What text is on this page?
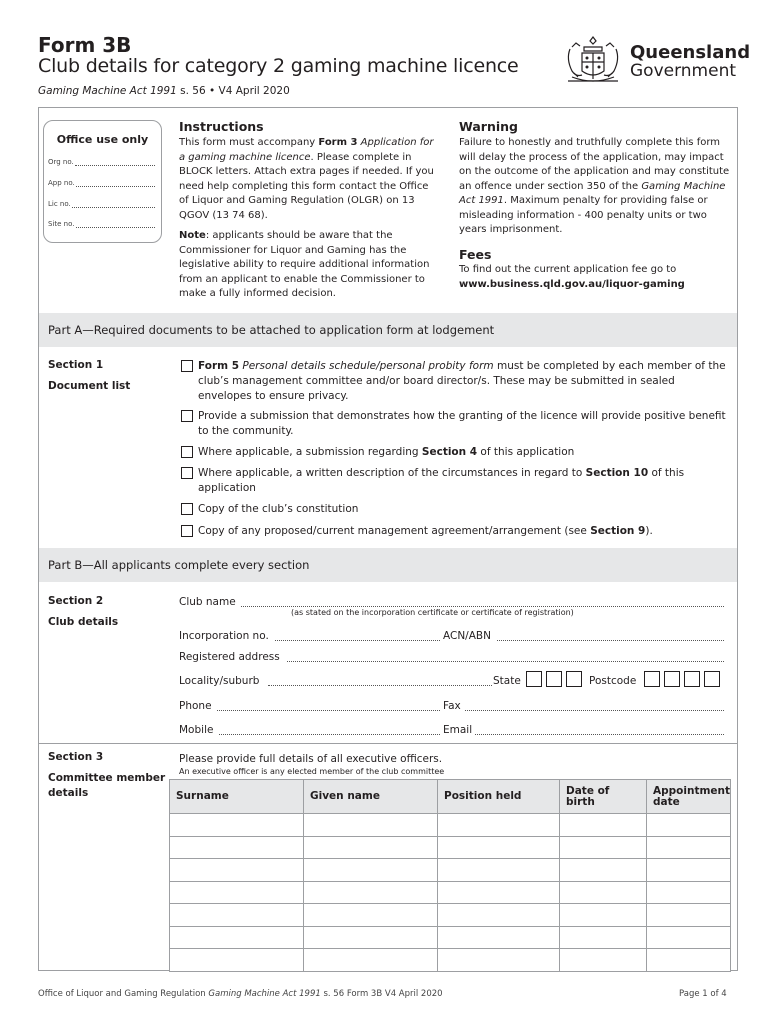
Form 3B
Club details for category 2 gaming machine licence
Gaming Machine Act 1991 s. 56 • V4 April 2020
Queensland
Government
Office use only
Org no.
App no.
Lic no.
Site no.
Instructions
This form must accompany Form 3 Application for a gaming machine licence. Please complete in BLOCK letters. Attach extra pages if needed. If you need help completing this form contact the Office of Liquor and Gaming Regulation (OLGR) on 13 QGOV (13 74 68).
Note: applicants should be aware that the Commissioner for Liquor and Gaming has the legislative ability to require additional information from an applicant to enable the Commissioner to make a fully informed decision.
Warning
Failure to honestly and truthfully complete this form will delay the process of the application, may impact on the outcome of the application and may constitute an offence under section 350 of the Gaming Machine Act 1991. Maximum penalty for providing false or misleading information - 400 penalty units or two years imprisonment.
Fees
To find out the current application fee go to
www.business.qld.gov.au/liquor-gaming
Part A—Required documents to be attached to application form at lodgement
Section 1
Document list
Form 5 Personal details schedule/personal probity form must be completed by each member of the club’s management committee and/or board director/s. These may be submitted in sealed envelopes to ensure privacy.
Provide a submission that demonstrates how the granting of the licence will provide positive benefit to the community.
Where applicable, a submission regarding Section 4 of this application
Where applicable, a written description of the circumstances in regard to Section 10 of this application
Copy of the club’s constitution
Copy of any proposed/current management agreement/arrangement (see Section 9).
Part B—All applicants complete every section
Section 2
Club details
Club name
(as stated on the incorporation certificate or certificate of registration)
Incorporation no.	ACN/ABN
Registered address
Locality/suburb	State	Postcode
Phone	Fax
Mobile	Email
Section 3
Committee member details
Please provide full details of all executive officers.
An executive officer is any elected member of the club committee
Surname	Given name	Position held	Date of birth	Appointment date

Office of Liquor and Gaming Regulation Gaming Machine Act 1991 s. 56 Form 3B V4 April 2020	Page 1 of 4
